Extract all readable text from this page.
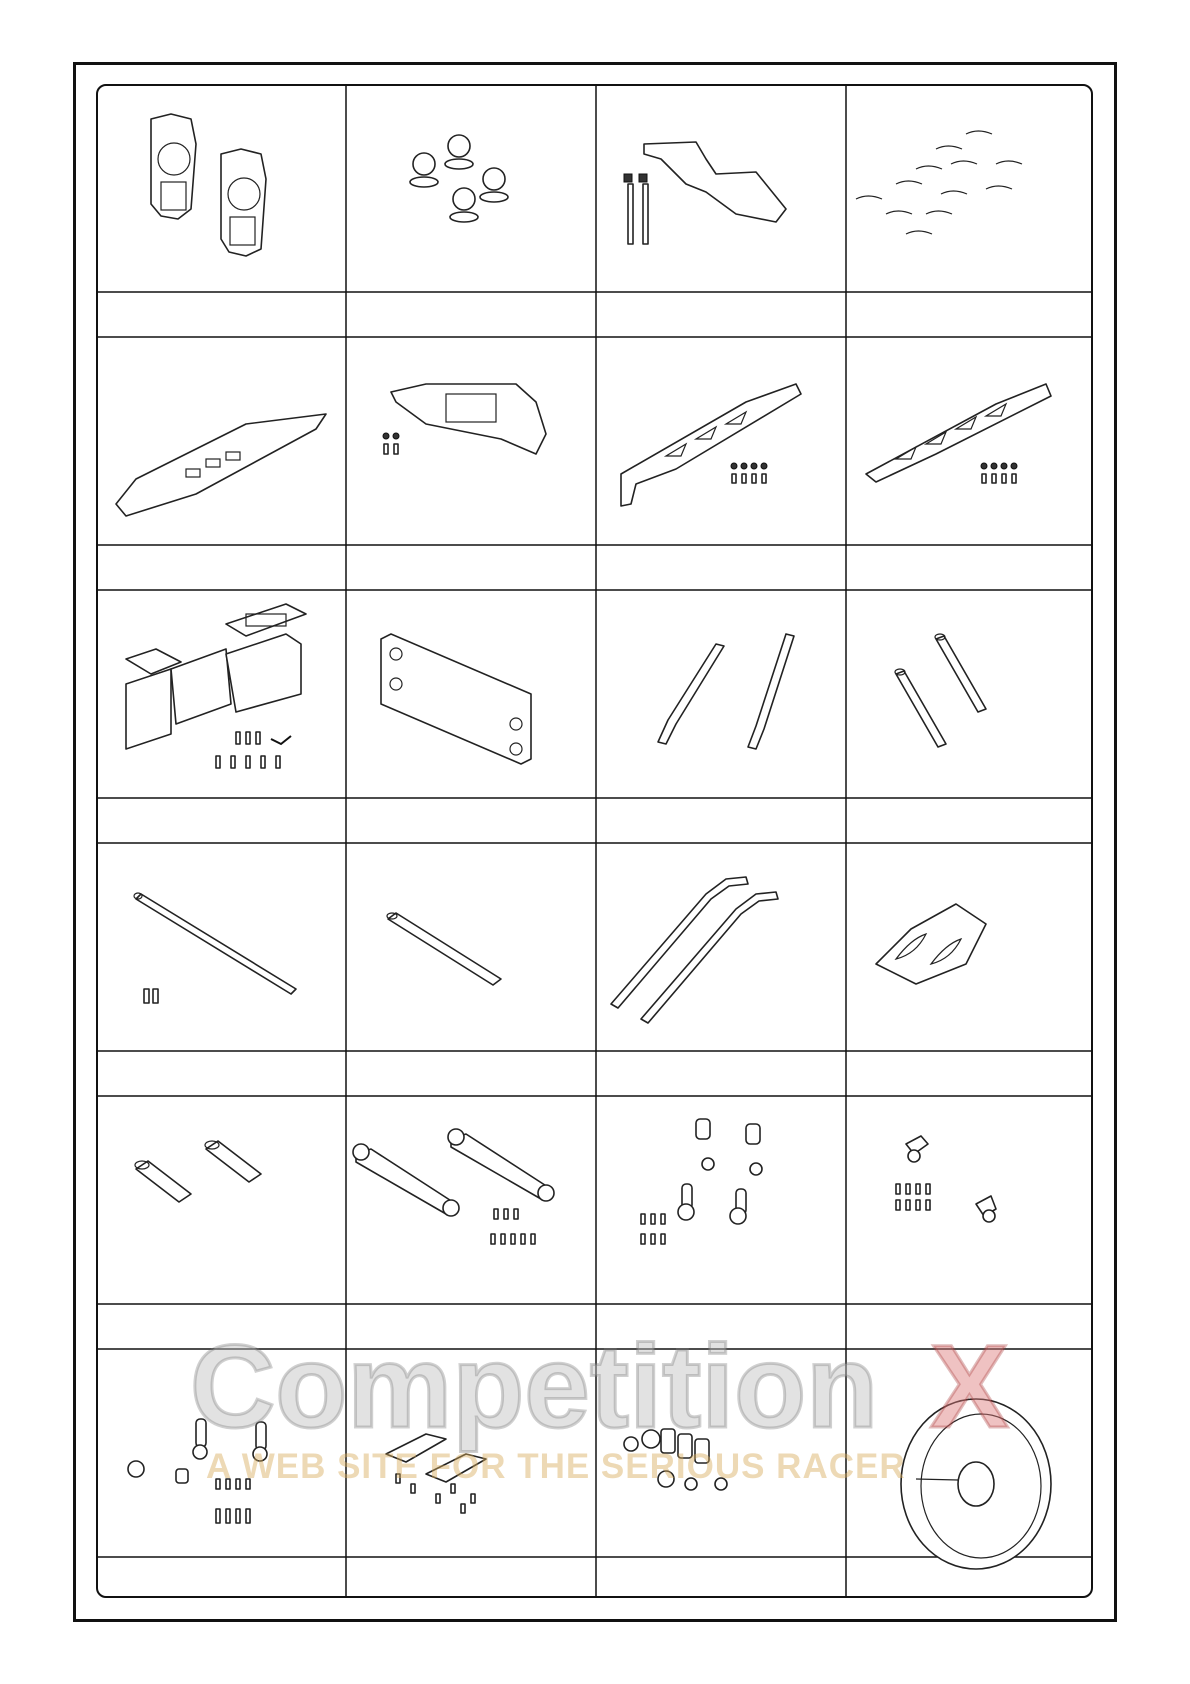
Competition X
A WEB SITE FOR THE SERIOUS RACER
